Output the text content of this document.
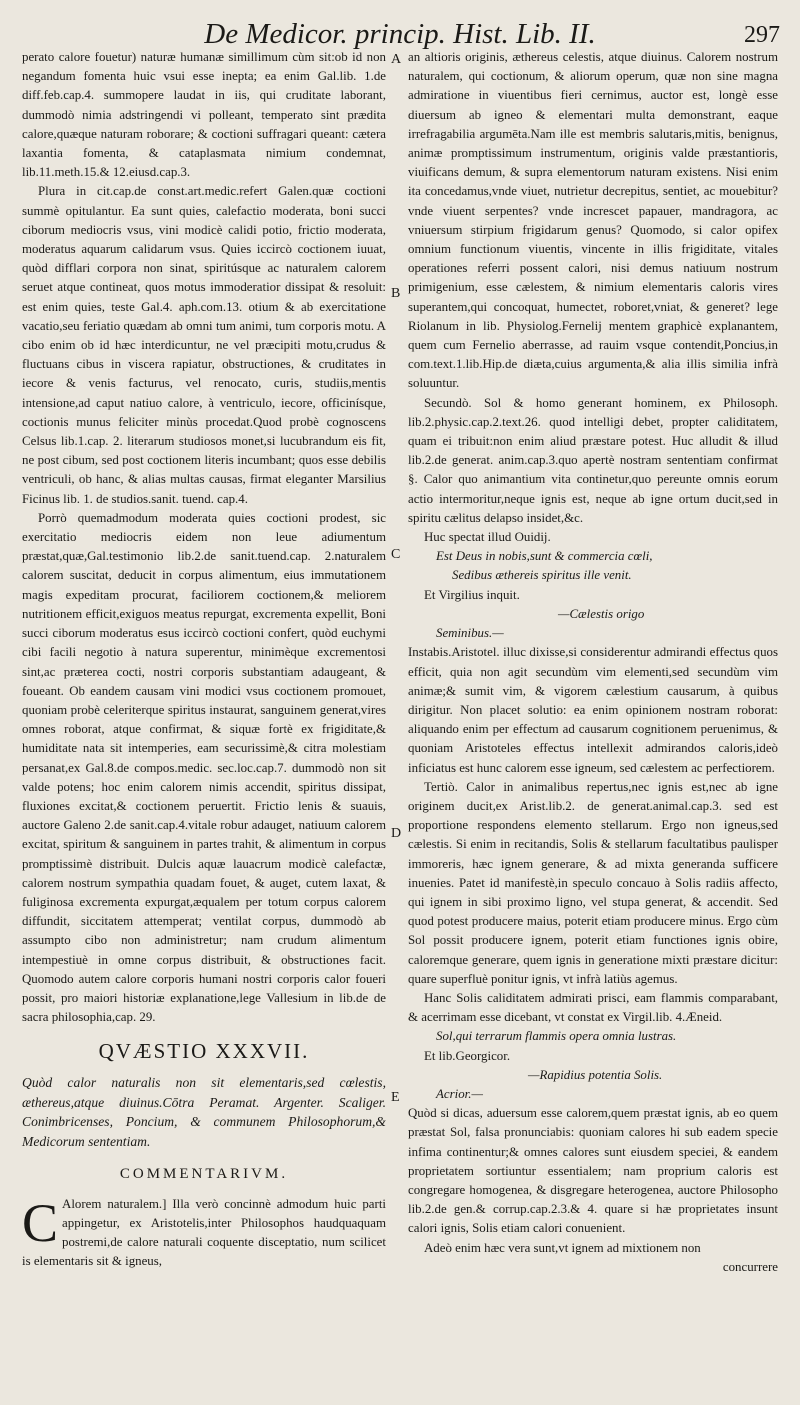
De Medicor. princip. Hist. Lib. II.	297
A
B
C
D
E

perato calore fouetur) naturæ humanæ simillimum cùm sit:ob id non negandum fomenta huic vsui esse inepta; ea enim Gal.lib. 1.de diff.feb.cap.4. summopere laudat in iis, qui cruditate laborant, dummodò nimia adstringendi vi polleant, temperato sint prædita calore,quæque naturam roborare; & coctioni suffragari queant: cætera laxantia fomenta, & cataplasmata nimium condemnat, lib.11.meth.15.& 12.eiusd.cap.3.

Plura in cit.cap.de const.art.medic.refert Galen.quæ coctioni summè opitulantur. Ea sunt quies, calefactio moderata, boni succi ciborum mediocris vsus, vini modicè calidi potio, frictio moderata, moderatus aquarum calidarum vsus. Quies iccircò coctionem iuuat, quòd difflari corpora non sinat, spiritúsque ac naturalem calorem seruet atque contineat, quos motus immoderatior dissipat & resoluit: est enim quies, teste Gal.4. aph.com.13. otium & ab exercitatione vacatio,seu feriatio quædam ab omni tum animi, tum corporis motu. A cibo enim ob id hæc interdicuntur, ne vel præcipiti motu,crudus & fluctuans cibus in viscera rapiatur, obstructiones, & cruditates in iecore & venis facturus, vel renocato, curis, studiis,mentis intensione,ad caput natiuo calore, à ventriculo, iecore, officinísque, coctionis munus feliciter minùs procedat.Quod probè cognoscens Celsus lib.1.cap. 2. literarum studiosos monet,si lucubrandum eis fit, ne post cibum, sed post coctionem literis incumbant; quos esse debilis ventriculi, ob hanc, & alias multas causas, firmat eleganter Marsilius Ficinus lib. 1. de studios.sanit. tuend. cap.4.

Porrò quemadmodum moderata quies coctioni prodest, sic exercitatio mediocris eidem non leue adiumentum præstat,quæ,Gal.testimonio lib.2.de sanit.tuend.cap. 2.naturalem calorem suscitat, deducit in corpus alimentum, eius immutationem magis expeditam procurat, faciliorem coctionem,& meliorem nutritionem efficit,exiguos meatus repurgat, excrementa expellit, Boni succi ciborum moderatus esus iccircò coctioni confert, quòd euchymi cibi facili negotio à natura superentur, minimèque excrementosi sint,ac præterea cocti, nostri corporis substantiam adaugeant, & foueant. Ob eandem causam vini modici vsus coctionem promouet, quoniam probè celeriterque spiritus instaurat, sanguinem generat,vires omnes roborat, atque confirmat, & siquæ fortè ex frigiditate,& humiditate nata sit intemperies, eam securissimè,& citra molestiam persanat,ex Gal.8.de compos.medic. sec.loc.cap.7. dummodò non sit valde potens; hoc enim calorem nimis accendit, spiritus dissipat, fluxiones excitat,& coctionem peruertit. Frictio lenis & suauis, auctore Galeno 2.de sanit.cap.4.vitale robur adauget, natiuum calorem excitat, spiritum & sanguinem in partes trahit, & alimentum in corpus promptissimè distribuit. Dulcis aquæ lauacrum modicè calefactæ, calorem nostrum sympathia quadam fouet, & auget, cutem laxat, & fuliginosa excrementa expurgat,æqualem per totum corpus calorem diffundit, siccitatem attemperat; ventilat corpus, dummodò ab assumpto cibo non administretur; nam crudum alimentum intempestiuè in omne corpus distribuit, & obstructiones facit. Quomodo autem calore corporis humani nostri corporis calor foueri possit, pro maiori historiæ explanatione,lege Vallesium in lib.de de sacra philosophia,cap. 29.

QVÆSTIO XXXVII.

Quòd calor naturalis non sit elementaris,sed cœlestis, æthereus,atque diuinus.Cōtra Peramat. Argenter. Scaliger. Conimbricenses, Poncium, & communem Philosophorum,& Medicorum sententiam.

COMMENTARIVM.

C Alorem naturalem.] Illa verò concinnè admodum huic parti appingetur, ex Aristotelis,inter Philosophos haudquaquam postremi,de calore naturali coquente disceptatio, num scilicet is elementaris sit & igneus,

an altioris originis, æthereus celestis, atque diuinus. Calorem nostrum naturalem, qui coctionum, & aliorum operum, quæ non sine magna admiratione in viuentibus fieri cernimus, auctor est, longè esse diuersum ab igneo & elementari multa demonstrant, eaque irrefragabilia argumēta.Nam ille est membris salutaris,mitis, benignus, animæ promptissimum instrumentum, originis valde præstantioris, viuificans demum, & supra elementorum naturam existens. Nisi enim ita concedamus,vnde viuet, nutrietur decrepitus, sentiet, ac mouebitur? vnde viuent serpentes? vnde increscet papauer, mandragora, ac vniuersum stirpium frigidarum genus? Quomodo, si calor opifex omnium functionum viuentis, vincente in illis frigiditate, vitales operationes referri possent calori, nisi demus natiuum nostrum primigenium, esse cælestem, & nimium elementaris caloris vires superantem,qui concoquat, humectet, roboret,vniat, & generet? lege Riolanum in lib. Physiolog.Fernelij mentem graphicè explanantem, quem cum Fernelio aberrasse, ad rauim vsque contendit,Poncius,in com.text.1.lib.Hip.de diæta,cuius argumenta,& alia illis similia infrà soluuntur.

Secundò. Sol & homo generant hominem, ex Philosoph. lib.2.physic.cap.2.text.26. quod intelligi debet, propter caliditatem, quam ei tribuit:non enim aliud præstare potest. Huc alludit & illud lib.2.de generat. anim.cap.3.quo apertè nostram sententiam confirmat §. Calor quo animantium vita continetur,quo pereunte omnis eorum actio intermoritur,neque ignis est, neque ab igne ortum ducit,sed in spiritu cælitus delapso insidet,&c.

Huc spectat illud Ouidij.

Est Deus in nobis,sunt & commercia cœli,

Sedibus æthereis spiritus ille venit.

Et Virgilius inquit.

—Cælestis origo

Seminibus.—

Instabis.Aristotel. illuc dixisse,si considerentur admirandi effectus quos efficit, quia non agit secundùm vim elementi,sed secundùm vim animæ;& sumit vim, & vigorem cælestium causarum, à quibus dirigitur. Non placet solutio: ea enim opinionem nostram roborat: aliquando enim per effectum ad causarum cognitionem peruenimus, & quoniam Aristoteles effectus intellexit admirandos caloris,ideò inficiatus est hunc calorem esse igneum, sed cælestem ac perfectiorem.

Tertiò. Calor in animalibus repertus,nec ignis est,nec ab igne originem ducit,ex Arist.lib.2. de generat.animal.cap.3. sed est proportione respondens elemento stellarum. Ergo non igneus,sed cælestis. Si enim in recitandis, Solis & stellarum facultatibus paulisper immoreris, hæc ignem generare, & ad mixta generanda sufficere inuenies. Patet id manifestè,in speculo concauo à Solis radiis affecto, qui ignem in sibi proximo ligno, vel stupa generat, & accendit. Sed quod potest producere maius, poterit etiam producere minus. Ergo cùm Sol possit producere ignem, poterit etiam functiones ignis obire, caloremque generare, quem ignis in generatione mixti præstare dicitur: quare superfluè ponitur ignis, vt infrà latiùs agemus.

Hanc Solis caliditatem admirati prisci, eam flammis comparabant, & acerrimam esse dicebant, vt constat ex Virgil.lib. 4.Æneid.

Sol,qui terrarum flammis opera omnia lustras.

Et lib.Georgicor.

—Rapidius potentia Solis.

Acrior.—

Quòd si dicas, aduersum esse calorem,quem præstat ignis, ab eo quem præstat Sol, falsa pronunciabis: quoniam calores hi sub eadem specie infima continentur;& omnes calores sunt eiusdem speciei, & eandem proprietatem sortiuntur essentialem; nam proprium caloris est congregare homogenea, & disgregare heterogenea, auctore Philosopho lib.2.de gen.& corrup.cap.2.3.& 4. quare si hæ proprietates insunt calori ignis, Solis etiam calori conuenient.

Adeò enim hæc vera sunt,vt ignem ad mixtionem non

concurrere
